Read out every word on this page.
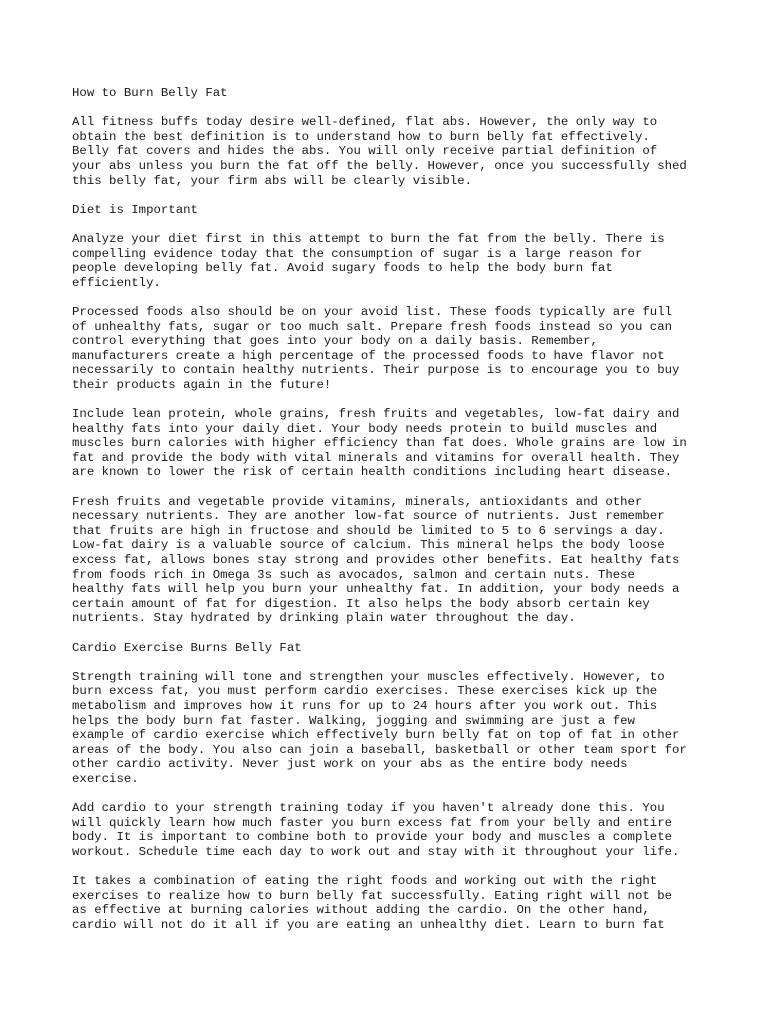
How to Burn Belly Fat

All fitness buffs today desire well-defined, flat abs. However, the only way to
obtain the best definition is to understand how to burn belly fat effectively.
Belly fat covers and hides the abs. You will only receive partial definition of
your abs unless you burn the fat off the belly. However, once you successfully shed
this belly fat, your firm abs will be clearly visible.

Diet is Important

Analyze your diet first in this attempt to burn the fat from the belly. There is
compelling evidence today that the consumption of sugar is a large reason for
people developing belly fat. Avoid sugary foods to help the body burn fat
efficiently.

Processed foods also should be on your avoid list. These foods typically are full
of unhealthy fats, sugar or too much salt. Prepare fresh foods instead so you can
control everything that goes into your body on a daily basis. Remember,
manufacturers create a high percentage of the processed foods to have flavor not
necessarily to contain healthy nutrients. Their purpose is to encourage you to buy
their products again in the future!

Include lean protein, whole grains, fresh fruits and vegetables, low-fat dairy and
healthy fats into your daily diet. Your body needs protein to build muscles and
muscles burn calories with higher efficiency than fat does. Whole grains are low in
fat and provide the body with vital minerals and vitamins for overall health. They
are known to lower the risk of certain health conditions including heart disease.

Fresh fruits and vegetable provide vitamins, minerals, antioxidants and other
necessary nutrients. They are another low-fat source of nutrients. Just remember
that fruits are high in fructose and should be limited to 5 to 6 servings a day.
Low-fat dairy is a valuable source of calcium. This mineral helps the body loose
excess fat, allows bones stay strong and provides other benefits. Eat healthy fats
from foods rich in Omega 3s such as avocados, salmon and certain nuts. These
healthy fats will help you burn your unhealthy fat. In addition, your body needs a
certain amount of fat for digestion. It also helps the body absorb certain key
nutrients. Stay hydrated by drinking plain water throughout the day.

Cardio Exercise Burns Belly Fat

Strength training will tone and strengthen your muscles effectively. However, to
burn excess fat, you must perform cardio exercises. These exercises kick up the
metabolism and improves how it runs for up to 24 hours after you work out. This
helps the body burn fat faster. Walking, jogging and swimming are just a few
example of cardio exercise which effectively burn belly fat on top of fat in other
areas of the body. You also can join a baseball, basketball or other team sport for
other cardio activity. Never just work on your abs as the entire body needs
exercise.

Add cardio to your strength training today if you haven't already done this. You
will quickly learn how much faster you burn excess fat from your belly and entire
body. It is important to combine both to provide your body and muscles a complete
workout. Schedule time each day to work out and stay with it throughout your life.

It takes a combination of eating the right foods and working out with the right
exercises to realize how to burn belly fat successfully. Eating right will not be
as effective at burning calories without adding the cardio. On the other hand,
cardio will not do it all if you are eating an unhealthy diet. Learn to burn fat
